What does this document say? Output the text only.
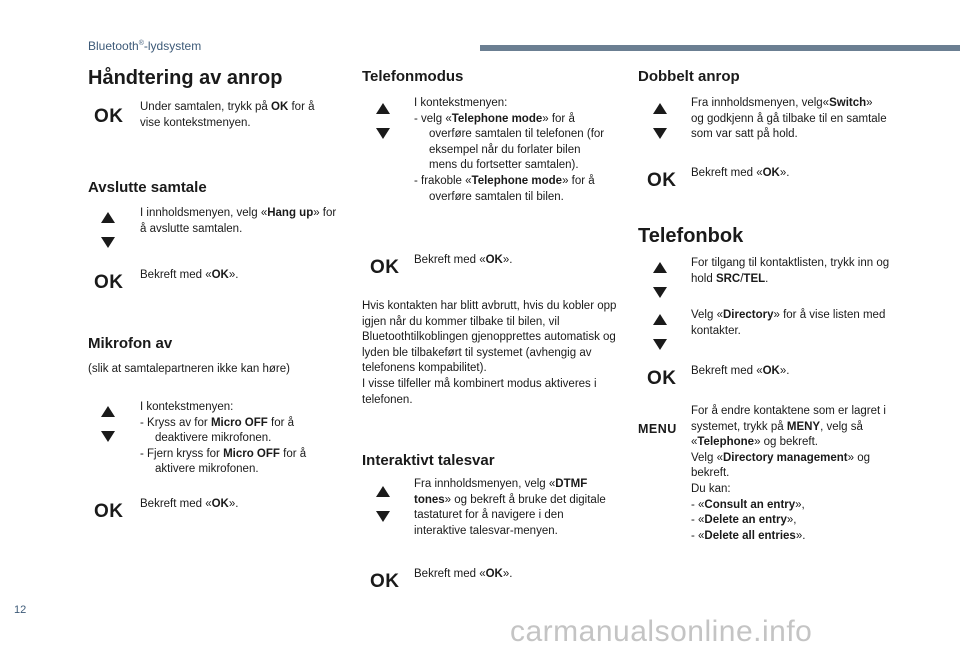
Bluetooth®-lydsystem
Håndtering av anrop
OK Under samtalen, trykk på OK for å vise kontekstmenyen.
Avslutte samtale
I innholdsmenyen, velg «Hang up» for å avslutte samtalen.
OK Bekreft med «OK».
Mikrofon av
(slik at samtalepartneren ikke kan høre)
I kontekstmenyen:
- Kryss av for Micro OFF for å deaktivere mikrofonen.
- Fjern kryss for Micro OFF for å aktivere mikrofonen.
OK Bekreft med «OK».
Telefonmodus
I kontekstmenyen:
- velg «Telephone mode» for å overføre samtalen til telefonen (for eksempel når du forlater bilen mens du fortsetter samtalen).
- frakoble «Telephone mode» for å overføre samtalen til bilen.
OK Bekreft med «OK».
Hvis kontakten har blitt avbrutt, hvis du kobler opp igjen når du kommer tilbake til bilen, vil Bluetoothtilkoblingen gjenopprettes automatisk og lyden ble tilbakeført til systemet (avhengig av telefonens kompabilitet).
I visse tilfeller må kombinert modus aktiveres i telefonen.
Interaktivt talesvar
Fra innholdsmenyen, velg «DTMF tones» og bekreft å bruke det digitale tastaturet for å navigere i den interaktive talesvar-menyen.
OK Bekreft med «OK».
Dobbelt anrop
Fra innholdsmenyen, velg«Switch» og godkjenn å gå tilbake til en samtale som var satt på hold.
OK Bekreft med «OK».
Telefonbok
For tilgang til kontaktlisten, trykk inn og hold SRC/TEL.
Velg «Directory» for å vise listen med kontakter.
OK Bekreft med «OK».
MENU
For å endre kontaktene som er lagret i systemet, trykk på MENY, velg så «Telephone» og bekreft.
Velg «Directory management» og bekreft.
Du kan:
- «Consult an entry»,
- «Delete an entry»,
- «Delete all entries».
12
carmanualsonline.info
